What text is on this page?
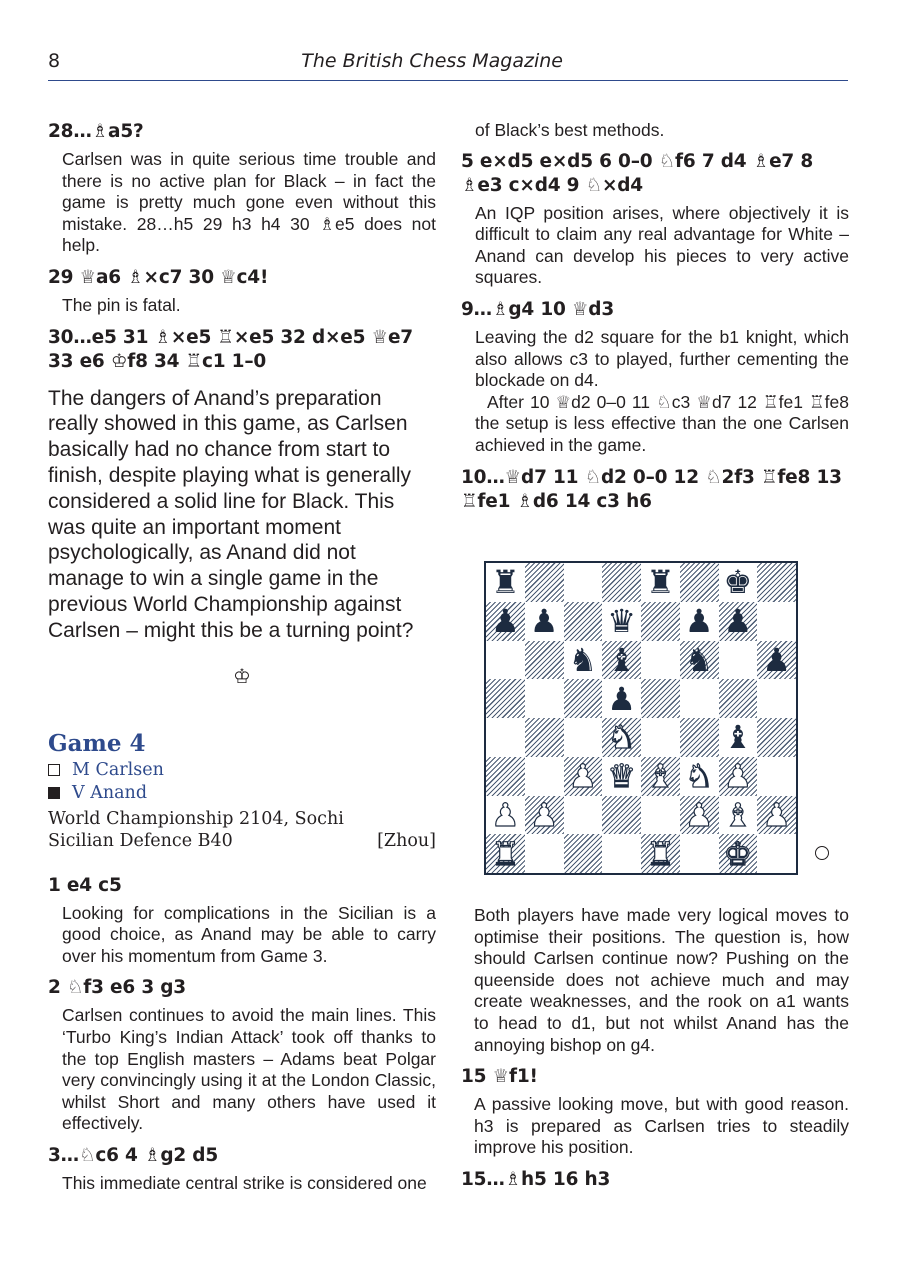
8	The British Chess Magazine

28…♗a5?

Carlsen was in quite serious time trouble and there is no active plan for Black – in fact the game is pretty much gone even without this mistake. 28…h5 29 h3 h4 30 ♗e5 does not help.

29 ♕a6 ♗×c7 30 ♕c4!

The pin is fatal.

30…e5 31 ♗×e5 ♖×e5 32 d×e5 ♕e7 33 e6 ♔f8 34 ♖c1 1–0

The dangers of Anand’s preparation really showed in this game, as Carlsen basically had no chance from start to finish, despite playing what is generally considered a solid line for Black. This was quite an important moment psychologically, as Anand did not manage to win a single game in the previous World Championship against Carlsen – might this be a turning point?

♔
Game 4
M Carlsen
V Anand

World Championship 2104, Sochi

Sicilian Defence B40	[Zhou]

1 e4 c5

Looking for complications in the Sicilian is a good choice, as Anand may be able to carry over his momentum from Game 3.

2 ♘f3 e6 3 g3

Carlsen continues to avoid the main lines. This ‘Turbo King’s Indian Attack’ took off thanks to the top English masters – Adams beat Polgar very convincingly using it at the London Classic, whilst Short and many others have used it effectively.

3…♘c6 4 ♗g2 d5

This immediate central strike is considered one

of Black’s best methods.

5 e×d5 e×d5 6 0–0 ♘f6 7 d4 ♗e7 8 ♗e3 c×d4 9 ♘×d4

An IQP position arises, where objectively it is difficult to claim any real advantage for White – Anand can develop his pieces to very active squares.

9…♗g4 10 ♕d3

Leaving the d2 square for the b1 knight, which also allows c3 to played, further cementing the blockade on d4.

After 10 ♕d2 0–0 11 ♘c3 ♕d7 12 ♖fe1 ♖fe8 the setup is less effective than the one Carlsen achieved in the game.

10…♕d7 11 ♘d2 0–0 12 ♘2f3 ♖fe8 13 ♖fe1 ♗d6 14 c3 h6

♜	♜ ♚
♟ ♟ ♛ ♟ ♟
♞ ♝ ♞ ♟
♟
♞	♝
♟ ♛ ♝ ♞ ♟
♟ ♟	♟ ♝ ♟
♜	♜ ♚

Both players have made very logical moves to optimise their positions. The question is, how should Carlsen continue now? Pushing on the queenside does not achieve much and may create weaknesses, and the rook on a1 wants to head to d1, but not whilst Anand has the annoying bishop on g4.

15 ♕f1!

A passive looking move, but with good reason. h3 is prepared as Carlsen tries to steadily improve his position.

15…♗h5 16 h3
